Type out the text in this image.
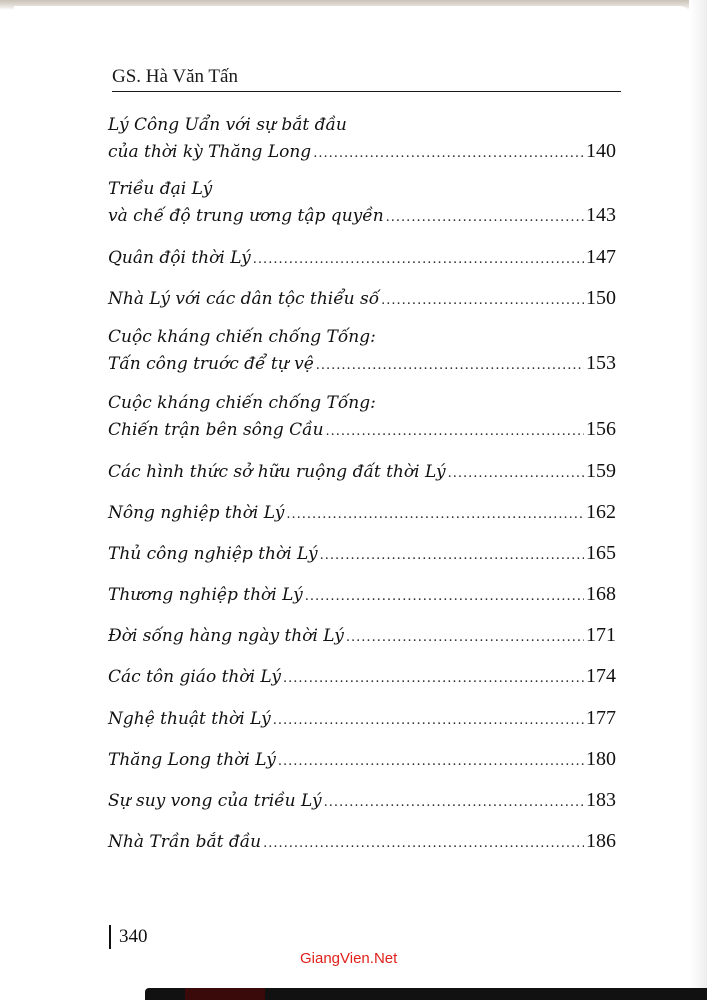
GS. Hà Văn Tấn
Lý Công Uẩn với sự bắt đầu
của thời kỳ Thăng Long .....	140
Triều đại Lý
và chế độ trung ương tập quyền .....	143
Quân đội thời Lý .....	147
Nhà Lý với các dân tộc thiểu số .....	150
Cuộc kháng chiến chống Tống:
Tấn công truớc để tự vệ .....	153
Cuộc kháng chiến chống Tống:
Chiến trận bên sông Cầu .....	156
Các hình thức sở hữu ruộng đất thời Lý .....	159
Nông nghiệp thời Lý .....	162
Thủ công nghiệp thời Lý .....	165
Thương nghiệp thời Lý .....	168
Đời sống hàng ngày thời Lý .....	171
Các tôn giáo thời Lý .....	174
Nghệ thuật thời Lý .....	177
Thăng Long thời Lý .....	180
Sự suy vong của triều Lý .....	183
Nhà Trần bắt đầu .....	186
340
GiangVien.Net
